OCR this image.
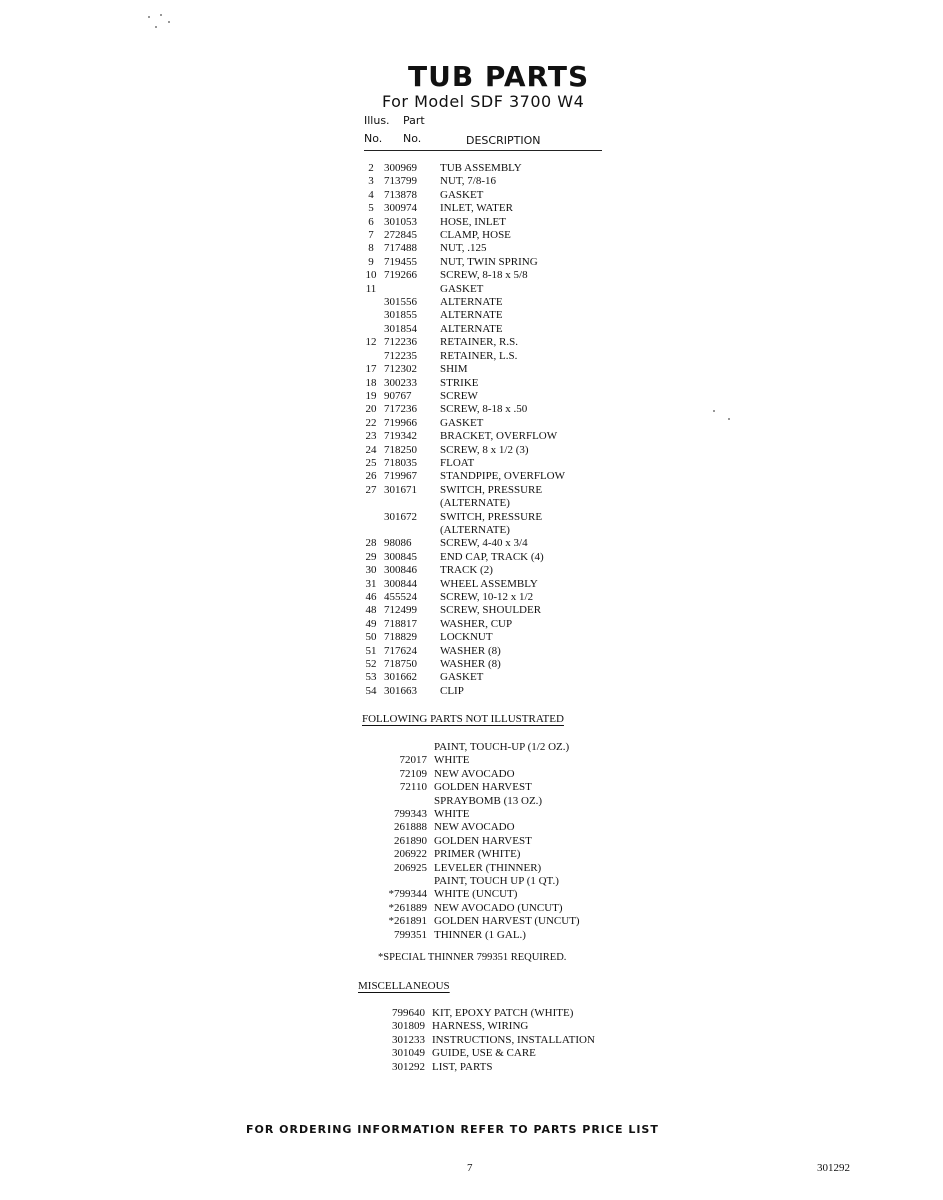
TUB PARTS
For Model SDF 3700 W4
Illus. Part
No. No.	DESCRIPTION
2 300969 TUB ASSEMBLY
3 713799 NUT, 7/8-16
4 713878 GASKET
5 300974 INLET, WATER
6 301053 HOSE, INLET
7 272845 CLAMP, HOSE
8 717488 NUT, .125
9 719455 NUT, TWIN SPRING
10 719266 SCREW, 8-18 x 5/8
11	GASKET
301556 ALTERNATE
301855 ALTERNATE
301854 ALTERNATE
12 712236 RETAINER, R.S.
712235 RETAINER, L.S.
17 712302 SHIM
18 300233 STRIKE
19 90767	SCREW
20 717236 SCREW, 8-18 x .50
22 719966 GASKET
23 719342 BRACKET, OVERFLOW
24 718250 SCREW, 8 x 1/2 (3)
25 718035 FLOAT
26 719967 STANDPIPE, OVERFLOW
27 301671 SWITCH, PRESSURE
(ALTERNATE)
301672 SWITCH, PRESSURE
(ALTERNATE)
28 98086	SCREW, 4-40 x 3/4
29 300845 END CAP, TRACK (4)
30 300846 TRACK (2)
31 300844 WHEEL ASSEMBLY
46 455524 SCREW, 10-12 x 1/2
48 712499 SCREW, SHOULDER
49 718817 WASHER, CUP
50 718829 LOCKNUT
51 717624 WASHER (8)
52 718750 WASHER (8)
53 301662 GASKET
54 301663 CLIP
FOLLOWING PARTS NOT ILLUSTRATED
PAINT, TOUCH-UP (1/2 OZ.)
72017 WHITE
72109 NEW AVOCADO
72110 GOLDEN HARVEST
SPRAYBOMB (13 OZ.)
799343 WHITE
261888 NEW AVOCADO
261890 GOLDEN HARVEST
206922 PRIMER (WHITE)
206925 LEVELER (THINNER)
PAINT, TOUCH UP (1 QT.)
*799344 WHITE (UNCUT)
*261889 NEW AVOCADO (UNCUT)
*261891 GOLDEN HARVEST (UNCUT)
799351 THINNER (1 GAL.)
*SPECIAL THINNER 799351 REQUIRED.
MISCELLANEOUS
799640 KIT, EPOXY PATCH (WHITE)
301809 HARNESS, WIRING
301233 INSTRUCTIONS, INSTALLATION
301049 GUIDE, USE & CARE
301292 LIST, PARTS
FOR ORDERING INFORMATION REFER TO PARTS PRICE LIST
7	301292
